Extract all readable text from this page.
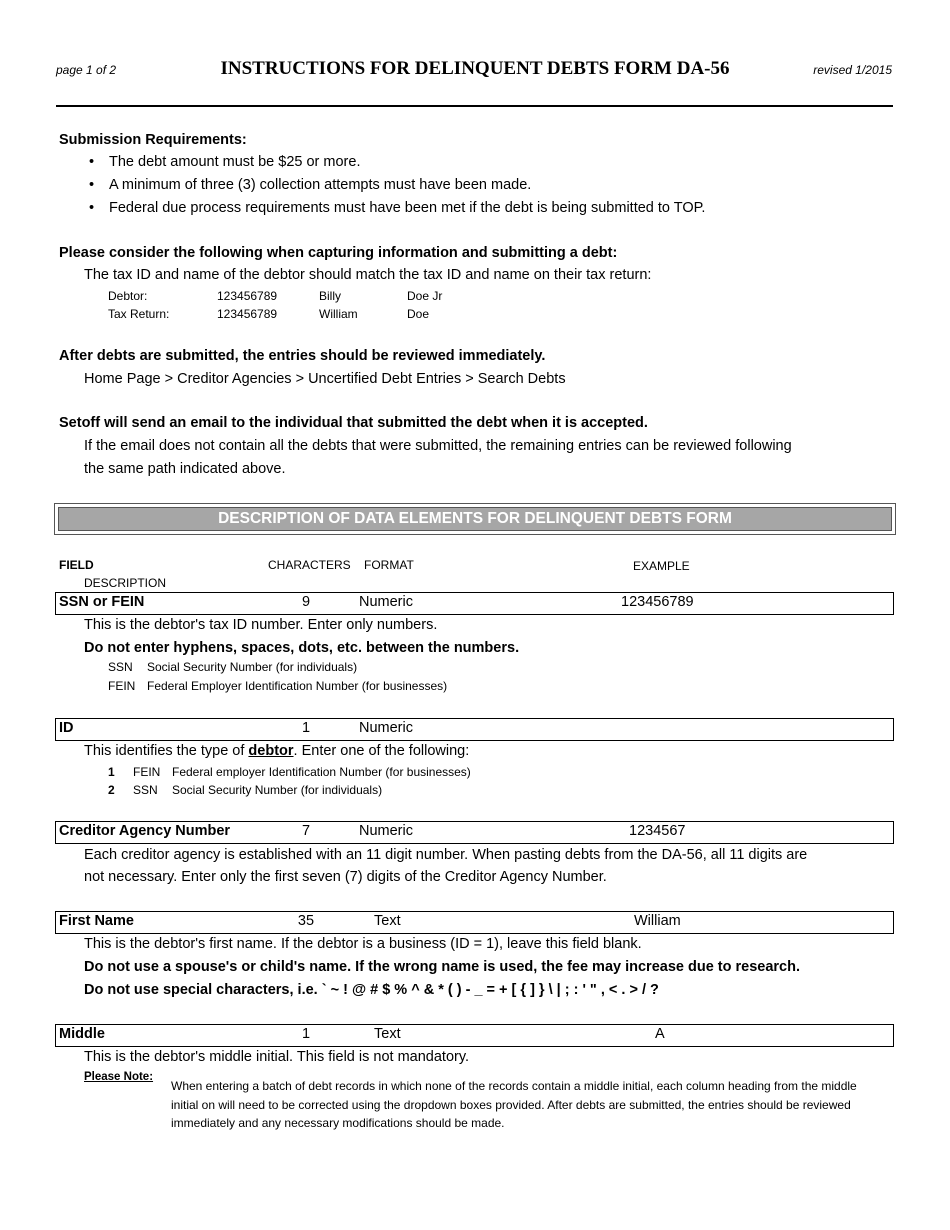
page 1 of 2	INSTRUCTIONS FOR DELINQUENT DEBTS FORM DA-56	revised 1/2015
Submission Requirements:
• The debt amount must be $25 or more.
• A minimum of three (3) collection attempts must have been made.
• Federal due process requirements must have been met if the debt is being submitted to TOP.
Please consider the following when capturing information and submitting a debt:
The tax ID and name of the debtor should match the tax ID and name on their tax return:
Debtor:	123456789	Billy	Doe Jr
Tax Return:	123456789	William	Doe
After debts are submitted, the entries should be reviewed immediately.
Home Page > Creditor Agencies > Uncertified Debt Entries > Search Debts
Setoff will send an email to the individual that submitted the debt when it is accepted.
If the email does not contain all the debts that were submitted, the remaining entries can be reviewed following
the same path indicated above.
DESCRIPTION OF DATA ELEMENTS FOR DELINQUENT DEBTS FORM
FIELD
DESCRIPTION
CHARACTERS FORMAT	EXAMPLE
SSN or FEIN	9	Numeric	123456789
This is the debtor's tax ID number. Enter only numbers.
Do not enter hyphens, spaces, dots, etc. between the numbers.
SSN Social Security Number (for individuals)
FEIN Federal Employer Identification Number (for businesses)
ID	1	Numeric
This identifies the type of debtor. Enter one of the following:
1 FEIN Federal employer Identification Number (for businesses)
2 SSN Social Security Number (for individuals)
Creditor Agency Number	7	Numeric	1234567
Each creditor agency is established with an 11 digit number. When pasting debts from the DA-56, all 11 digits are
not necessary. Enter only the first seven (7) digits of the Creditor Agency Number.
First Name	35	Text	William
This is the debtor's first name. If the debtor is a business (ID = 1), leave this field blank.
Do not use a spouse's or child's name. If the wrong name is used, the fee may increase due to research.
Do not use special characters, i.e. ` ~ ! @ # $ % ^ & * ( ) - _ = + [ { ] } \ | ; : ' " , < . > / ?
Middle	1	Text	A
This is the debtor's middle initial. This field is not mandatory.
Please Note:
When entering a batch of debt records in which none of the records contain a middle initial, each column heading from the middle initial on will need to be corrected using the dropdown boxes provided. After debts are submitted, the entries should be reviewed immediately and any necessary modifications should be made.
